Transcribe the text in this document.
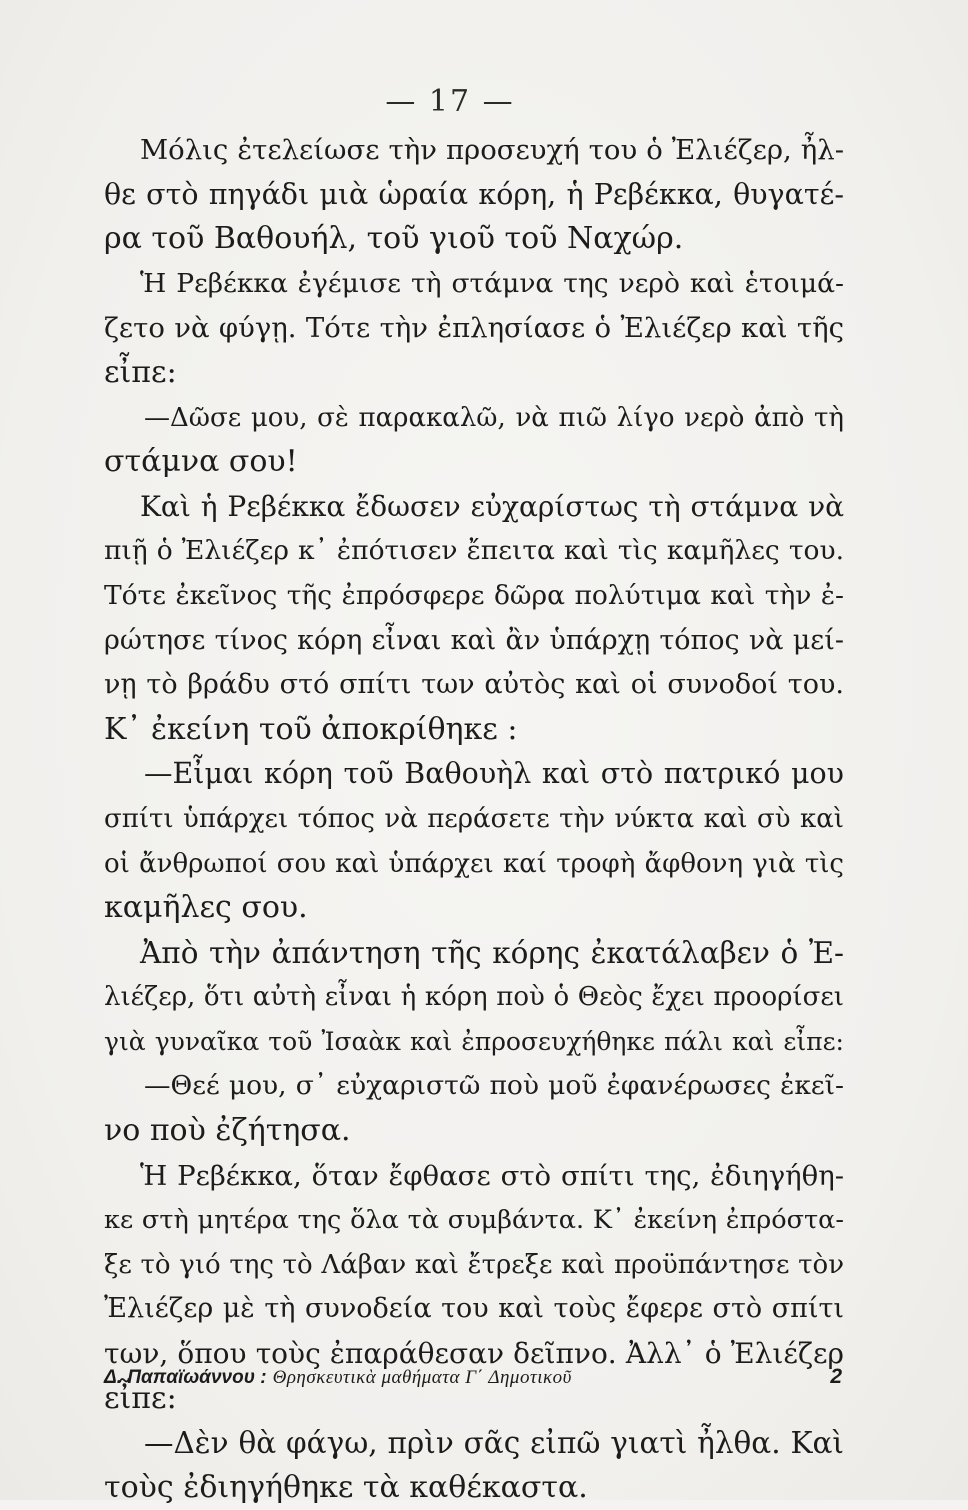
— 17 —
Μόλις ἐτελείωσε τὴν προσευχή του ὁ Ἐλιέζερ, ἦλ-
θε στὸ πηγάδι μιὰ ὡραία κόρη, ἡ Ρεβέκκα, θυγατέ-
ρα τοῦ Βαθουήλ, τοῦ γιοῦ τοῦ Ναχώρ.
Ἡ Ρεβέκκα ἐγέμισε τὴ στάμνα της νερὸ καὶ ἑτοιμά-
ζετο νὰ φύγῃ. Τότε τὴν ἐπλησίασε ὁ Ἐλιέζερ καὶ τῆς
εἶπε:
—Δῶσε μου, σὲ παρακαλῶ, νὰ πιῶ λίγο νερὸ ἀπὸ τὴ
στάμνα σου!
Καὶ ἡ Ρεβέκκα ἔδωσεν εὐχαρίστως τὴ στάμνα νὰ
πιῇ ὁ Ἐλιέζερ κ᾽ ἐπότισεν ἔπειτα καὶ τὶς καμῆλες του.
Τότε ἐκεῖνος τῆς ἐπρόσφερε δῶρα πολύτιμα καὶ τὴν ἐ-
ρώτησε τίνος κόρη εἶναι καὶ ἂν ὑπάρχῃ τόπος νὰ μεί-
νῃ τὸ βράδυ στό σπίτι των αὐτὸς καὶ οἱ συνοδοί του.
Κ᾽ ἐκείνη τοῦ ἀποκρίθηκε :
—Εἶμαι κόρη τοῦ Βαθουὴλ καὶ στὸ πατρικό μου
σπίτι ὑπάρχει τόπος νὰ περάσετε τὴν νύκτα καὶ σὺ καὶ
οἱ ἄνθρωποί σου καὶ ὑπάρχει καί τροφὴ ἄφθονη γιὰ τὶς
καμῆλες σου.
Ἀπὸ τὴν ἀπάντηση τῆς κόρης ἐκατάλαβεν ὁ Ἐ-
λιέζερ, ὅτι αὐτὴ εἶναι ἡ κόρη ποὺ ὁ Θεὸς ἔχει προορίσει
γιὰ γυναῖκα τοῦ Ἰσαὰκ καὶ ἐπροσευχήθηκε πάλι καὶ εἶπε:
—Θεέ μου, σ᾽ εὐχαριστῶ ποὺ μοῦ ἐφανέρωσες ἐκεῖ-
νο ποὺ ἐζήτησα.
Ἡ Ρεβέκκα, ὅταν ἔφθασε στὸ σπίτι της, ἐδιηγήθη-
κε στὴ μητέρα της ὅλα τὰ συμβάντα. Κ᾽ ἐκείνη ἐπρόστα-
ξε τὸ γιό της τὸ Λάβαν καὶ ἔτρεξε καὶ προϋπάντησε τὸν
Ἐλιέζερ μὲ τὴ συνοδεία του καὶ τοὺς ἔφερε στὸ σπίτι
των, ὅπου τοὺς ἐπαράθεσαν δεῖπνο. Ἀλλ᾽ ὁ Ἐλιέζερ
εἶπε:
—Δὲν θὰ φάγω, πρὶν σᾶς εἰπῶ γιατὶ ἦλθα. Καὶ
τοὺς ἐδιηγήθηκε τὰ καθέκαστα.
Δ. Παπαϊωάννου : Θρησκευτικὰ μαθήματα Γ΄ Δημοτικοῦ	2
